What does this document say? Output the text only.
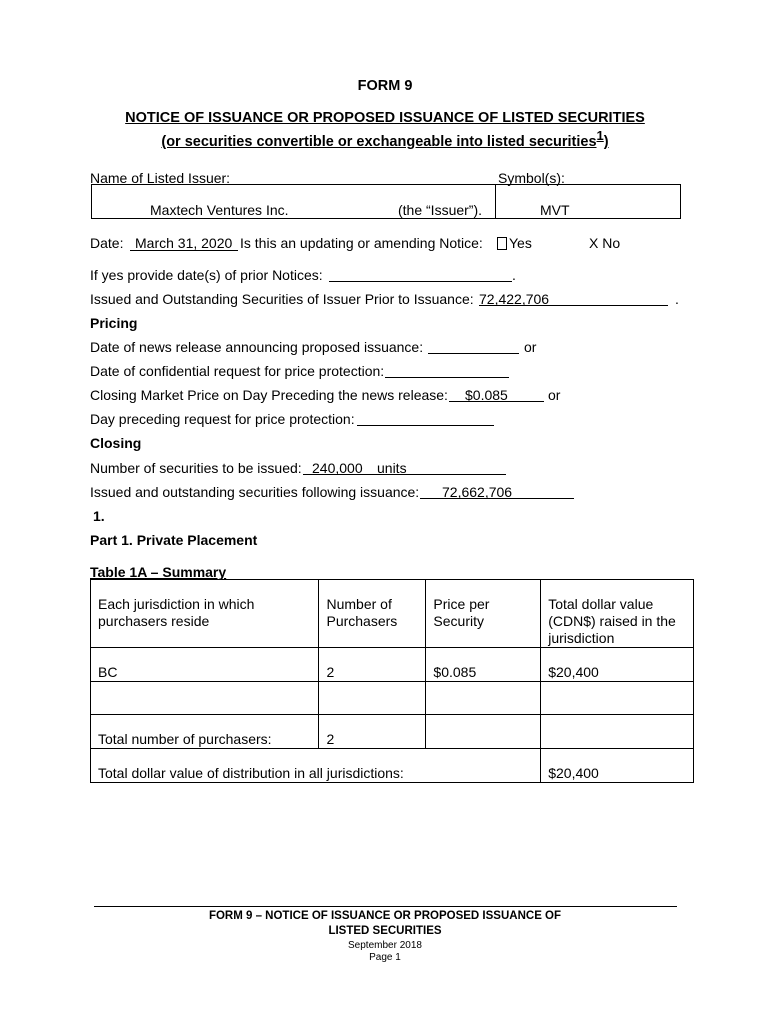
FORM 9
NOTICE OF ISSUANCE OR PROPOSED ISSUANCE OF LISTED SECURITIES
(or securities convertible or exchangeable into listed securities$^1$)
Name of Listed Issuer:	Symbol(s):
Maxtech Ventures Inc.	(the “Issuer”).	MVT
Date: March 31, 2020 Is this an updating or amending Notice: Yes	X No
If yes provide date(s) of prior Notices:	.
Issued and Outstanding Securities of Issuer Prior to Issuance: 72,422,706	.
Pricing
Date of news release announcing proposed issuance:	or
Date of confidential request for price protection:
Closing Market Price on Day Preceding the news release: $0.085	or
Day preceding request for price protection:
Closing
Number of securities to be issued: 240,000 units
Issued and outstanding securities following issuance: 72,662,706
1.
Part 1. Private Placement
Table 1A – Summary
Each jurisdiction in which purchasers reside	Number of Purchasers	Price per Security	Total dollar value (CDN$) raised in the jurisdiction
BC	2	$0.085	$20,400

Total number of purchasers:	2		
Total dollar value of distribution in all jurisdictions:			$20,400
FORM 9 – NOTICE OF ISSUANCE OR PROPOSED ISSUANCE OF
LISTED SECURITIES
September 2018
Page 1
